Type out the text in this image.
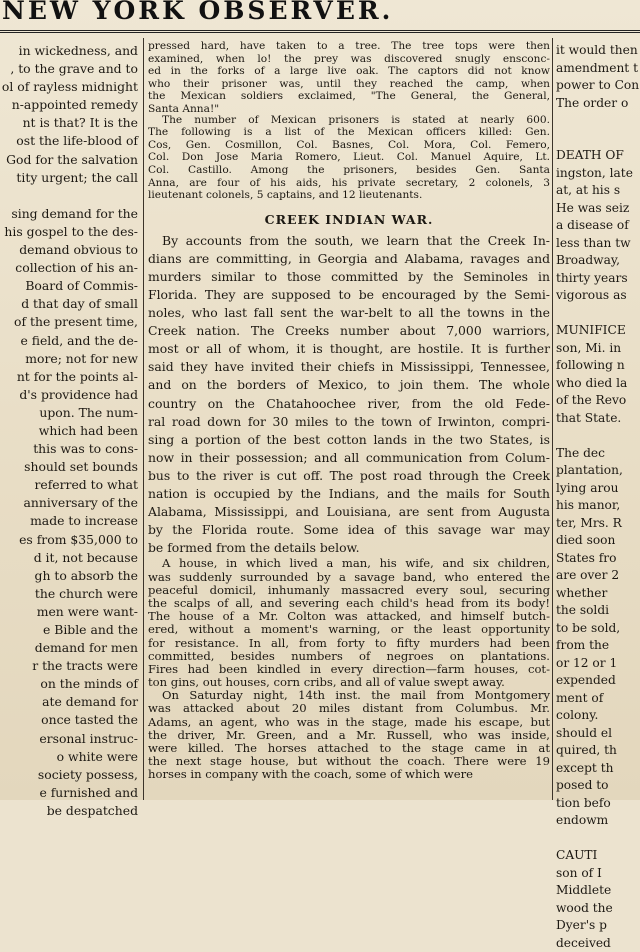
NEW YORK OBSERVER.
in wickedness, and
, to the grave and to
ol of rayless midnight
n-appointed remedy
nt is that? It is the
ost the life-blood of
God for the salvation
tity urgent; the call

sing demand for the
his gospel to the des-
demand obvious to
collection of his an-
Board of Commis-
d that day of small
of the present time,
e field, and the de-
more; not for new
nt for the points al-
d's providence had
upon. The num-
which had been
this was to cons-
should set bounds
referred to what
anniversary of the
made to increase
es from $35,000 to
d it, not because
gh to absorb the
the church were
men were want-
e Bible and the
demand for men
r the tracts were
on the minds of
ate demand for
once tasted the
ersonal instruc-
o white were
society possess,
e furnished and
be despatched
pressed hard, have taken to a tree. The tree tops were then
examined, when lo! the prey was discovered snugly ensconc-
ed in the forks of a large live oak. The captors did not know
who their prisoner was, until they reached the camp, when
the Mexican soldiers exclaimed, "The General, the General,
Santa Anna!"
The number of Mexican prisoners is stated at nearly 600.
The following is a list of the Mexican officers killed: Gen.
Cos, Gen. Cosmillon, Col. Basnes, Col. Mora, Col. Femero,
Col. Don Jose Maria Romero, Lieut. Col. Manuel Aquire, Lt.
Col. Castillo. Among the prisoners, besides Gen. Santa
Anna, are four of his aids, his private secretary, 2 colonels, 3
lieutenant colonels, 5 captains, and 12 lieutenants.
CREEK INDIAN WAR.
By accounts from the south, we learn that the Creek In-
dians are committing, in Georgia and Alabama, ravages and
murders similar to those committed by the Seminoles in
Florida. They are supposed to be encouraged by the Semi-
noles, who last fall sent the war-belt to all the towns in the
Creek nation. The Creeks number about 7,000 warriors,
most or all of whom, it is thought, are hostile. It is further
said they have invited their chiefs in Mississippi, Tennessee,
and on the borders of Mexico, to join them. The whole
country on the Chatahoochee river, from the old Fede-
ral road down for 30 miles to the town of Irwinton, compri-
sing a portion of the best cotton lands in the two States, is
now in their possession; and all communication from Colum-
bus to the river is cut off. The post road through the Creek
nation is occupied by the Indians, and the mails for South
Alabama, Mississippi, and Louisiana, are sent from Augusta
by the Florida route. Some idea of this savage war may
be formed from the details below.
A house, in which lived a man, his wife, and six children,
was suddenly surrounded by a savage band, who entered the
peaceful domicil, inhumanly massacred every soul, securing
the scalps of all, and severing each child's head from its body!
The house of a Mr. Colton was attacked, and himself butch-
ered, without a moment's warning, or the least opportunity
for resistance. In all, from forty to fifty murders had been
committed, besides numbers of negroes on plantations.
Fires had been kindled in every direction—farm houses, cot-
ton gins, out houses, corn cribs, and all of value swept away.
On Saturday night, 14th inst. the mail from Montgomery
was attacked about 20 miles distant from Columbus. Mr.
Adams, an agent, who was in the stage, made his escape, but
the driver, Mr. Green, and a Mr. Russell, who was inside,
were killed. The horses attached to the stage came in at
the next stage house, but without the coach. There were 19
horses in company with the coach, some of which were
it would then
amendment t
power to Con
The order o

DEATH OF
ingston, late
at, at his s
He was seiz
a disease of
less than tw
Broadway,
thirty years
vigorous as

MUNIFICE
son, Mi. in
following n
who died la
of the Revo
that State.

The dec
plantation,
lying arou
his manor,
ter, Mrs. R
died soon
States fro
are over 2
whether
the soldi
to be sold,
from the
or 12 or 1
expended
ment of
colony.
should el
quired, th
except th
posed to
tion befo
endowm

CAUTI
son of I
Middlete
wood the
Dyer's p
deceived
